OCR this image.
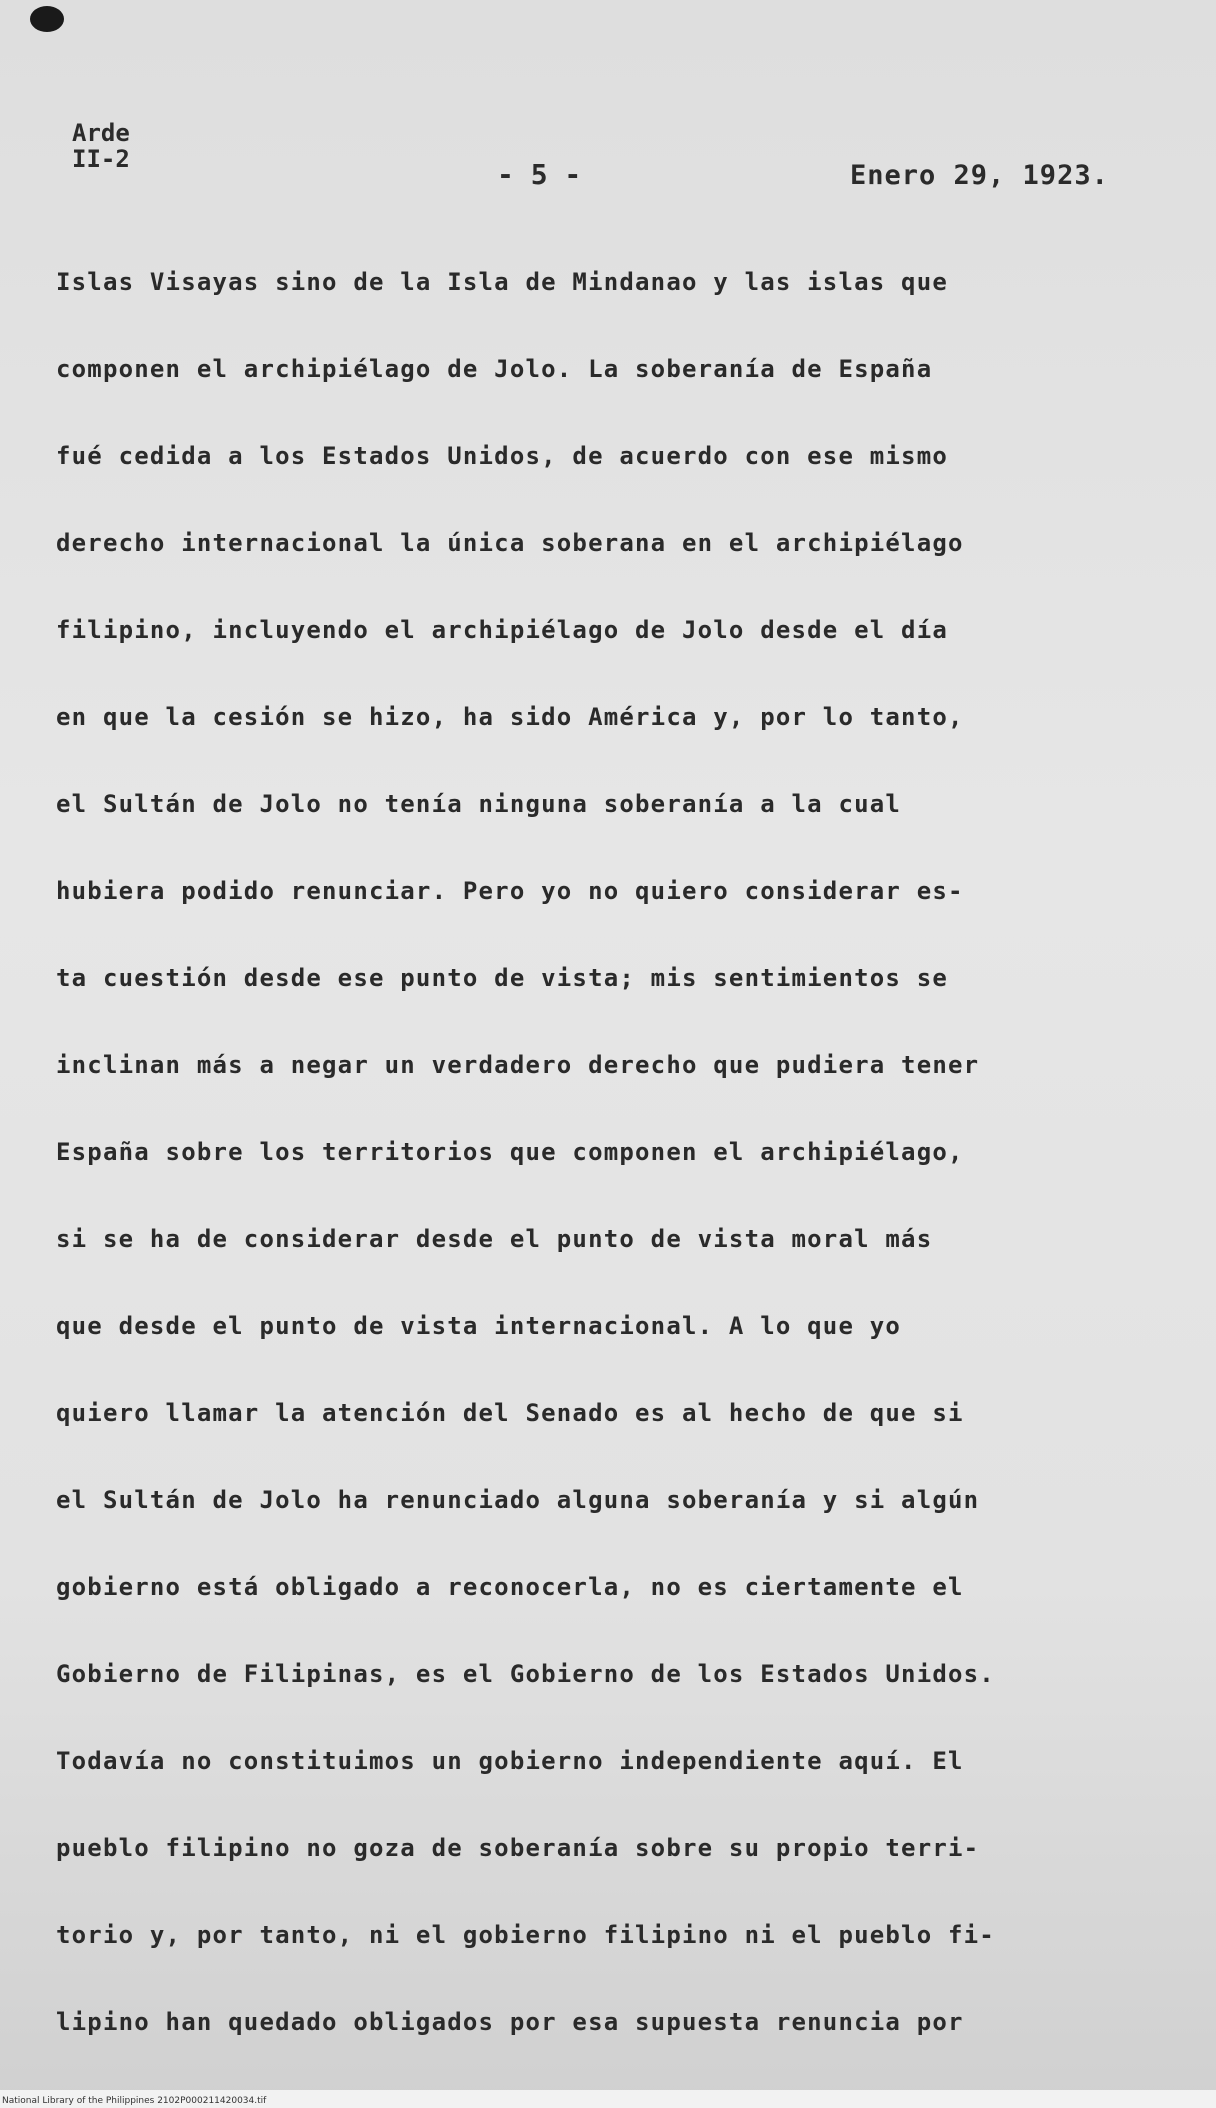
Arde
II-2	- 5 -	Enero 29, 1923.
Islas Visayas sino de la Isla de Mindanao y las islas que
componen el archipiélago de Jolo. La soberanía de España
fué cedida a los Estados Unidos, de acuerdo con ese mismo
derecho internacional la única soberana en el archipiélago
filipino, incluyendo el archipiélago de Jolo desde el día
en que la cesión se hizo, ha sido América y, por lo tanto,
el Sultán de Jolo no tenía ninguna soberanía a la cual
hubiera podido renunciar. Pero yo no quiero considerar es-
ta cuestión desde ese punto de vista; mis sentimientos se
inclinan más a negar un verdadero derecho que pudiera tener
España sobre los territorios que componen el archipiélago,
si se ha de considerar desde el punto de vista moral más
que desde el punto de vista internacional. A lo que yo
quiero llamar la atención del Senado es al hecho de que si
el Sultán de Jolo ha renunciado alguna soberanía y si algún
gobierno está obligado a reconocerla, no es ciertamente el
Gobierno de Filipinas, es el Gobierno de los Estados Unidos.
Todavía no constituimos un gobierno independiente aquí. El
pueblo filipino no goza de soberanía sobre su propio terri-
torio y, por tanto, ni el gobierno filipino ni el pueblo fi-
lipino han quedado obligados por esa supuesta renuncia por
National Library of the Philippines 2102P000211420034.tif
